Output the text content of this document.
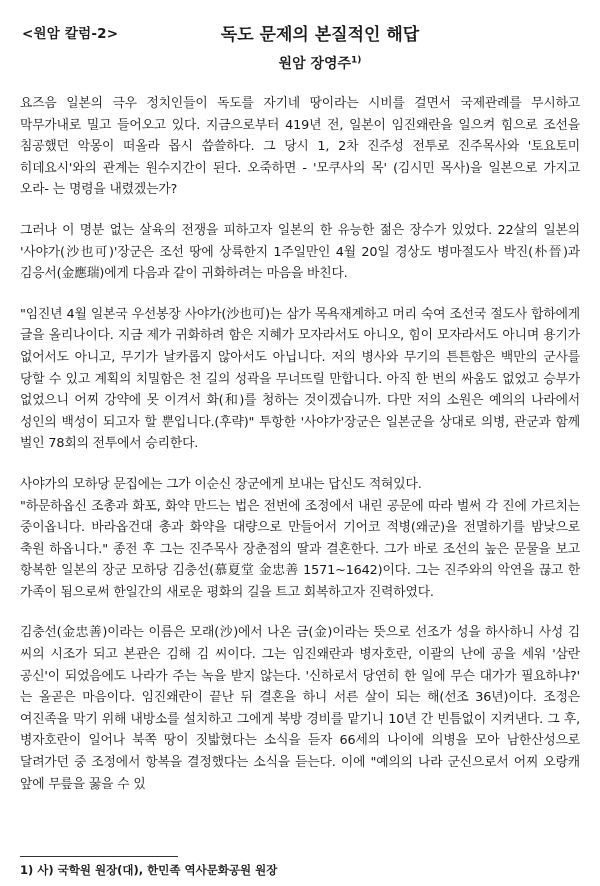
<원암 칼럼-2>	독도 문제의 본질적인 해답
원암 장영주$^{1)}$

요즈음 일본의 극우 정치인들이 독도를 자기네 땅이라는 시비를 걸면서 국제관례를 무시하고 막무가내로 밀고 들어오고 있다. 지금으로부터 419년 전, 일본이 임진왜란을 일으켜 힘으로 조선을 침공했던 악몽이 떠올라 몹시 씁쓸하다. 그 당시 1, 2차 진주성 전투로 진주목사와 '토요토미 히데요시'와의 관계는 원수지간이 된다. 오죽하면 - '모쿠사의 목' (김시민 목사)을 일본으로 가지고 오라- 는 명령을 내렸겠는가?

그러나 이 명분 없는 살육의 전쟁을 피하고자 일본의 한 유능한 젊은 장수가 있었다. 22살의 일본의 '사야가(沙也可)'장군은 조선 땅에 상륙한지 1주일만인 4월 20일 경상도 병마절도사 박진(朴晉)과 김응서(金應瑞)에게 다음과 같이 귀화하려는 마음을 바친다.

"임진년 4월 일본국 우선봉장 사야가(沙也可)는 삼가 목욕재계하고 머리 숙여 조선국 절도사 합하에게 글을 올리나이다. 지금 제가 귀화하려 함은 지혜가 모자라서도 아니오, 힘이 모자라서도 아니며 용기가 없어서도 아니고, 무기가 날카롭지 않아서도 아닙니다. 저의 병사와 무기의 튼튼함은 백만의 군사를 당할 수 있고 계획의 치밀함은 천 길의 성곽을 무너뜨릴 만합니다. 아직 한 번의 싸움도 없었고 승부가 없었으니 어찌 강약에 못 이겨서 화(和)를 청하는 것이겠습니까. 다만 저의 소원은 예의의 나라에서 성인의 백성이 되고자 할 뿐입니다.(후략)" 투항한 '사야가'장군은 일본군을 상대로 의병, 관군과 함께 벌인 78회의 전투에서 승리한다.

사야가의 모하당 문집에는 그가 이순신 장군에게 보내는 답신도 적혀있다.

"하문하옵신 조총과 화포, 화약 만드는 법은 전번에 조정에서 내린 공문에 따라 벌써 각 진에 가르치는 중이옵니다. 바라옵건대 총과 화약을 대량으로 만들어서 기어코 적병(왜군)을 전멸하기를 밤낮으로 축원 하옵니다." 종전 후 그는 진주목사 장춘점의 딸과 결혼한다. 그가 바로 조선의 높은 문물을 보고 항복한 일본의 장군 모하당 김충선(慕夏堂 金忠善 1571~1642)이다. 그는 진주와의 악연을 끊고 한 가족이 됨으로써 한일간의 새로운 평화의 길을 트고 회복하고자 진력하였다.

김충선(金忠善)이라는 이름은 모래(沙)에서 나온 금(金)이라는 뜻으로 선조가 성을 하사하니 사성 김 씨의 시조가 되고 본관은 김해 김 씨이다. 그는 임진왜란과 병자호란, 이괄의 난에 공을 세워 '삼란 공신'이 되었음에도 나라가 주는 녹을 받지 않는다. '신하로서 당연히 한 일에 무슨 대가가 필요하냐?' 는 올곧은 마음이다. 임진왜란이 끝난 뒤 결혼을 하니 서른 살이 되는 해(선조 36년)이다. 조정은 여진족을 막기 위해 내방소를 설치하고 그에게 북방 경비를 맡기니 10년 간 빈틈없이 지켜낸다. 그 후, 병자호란이 일어나 북쪽 땅이 짓밟혔다는 소식을 듣자 66세의 나이에 의병을 모아 남한산성으로 달려가던 중 조정에서 항복을 결정했다는 소식을 듣는다. 이에 "예의의 나라 군신으로서 어찌 오랑캐 앞에 무릎을 꿇을 수 있

1) 사) 국학원 원장(대), 한민족 역사문화공원 원장
